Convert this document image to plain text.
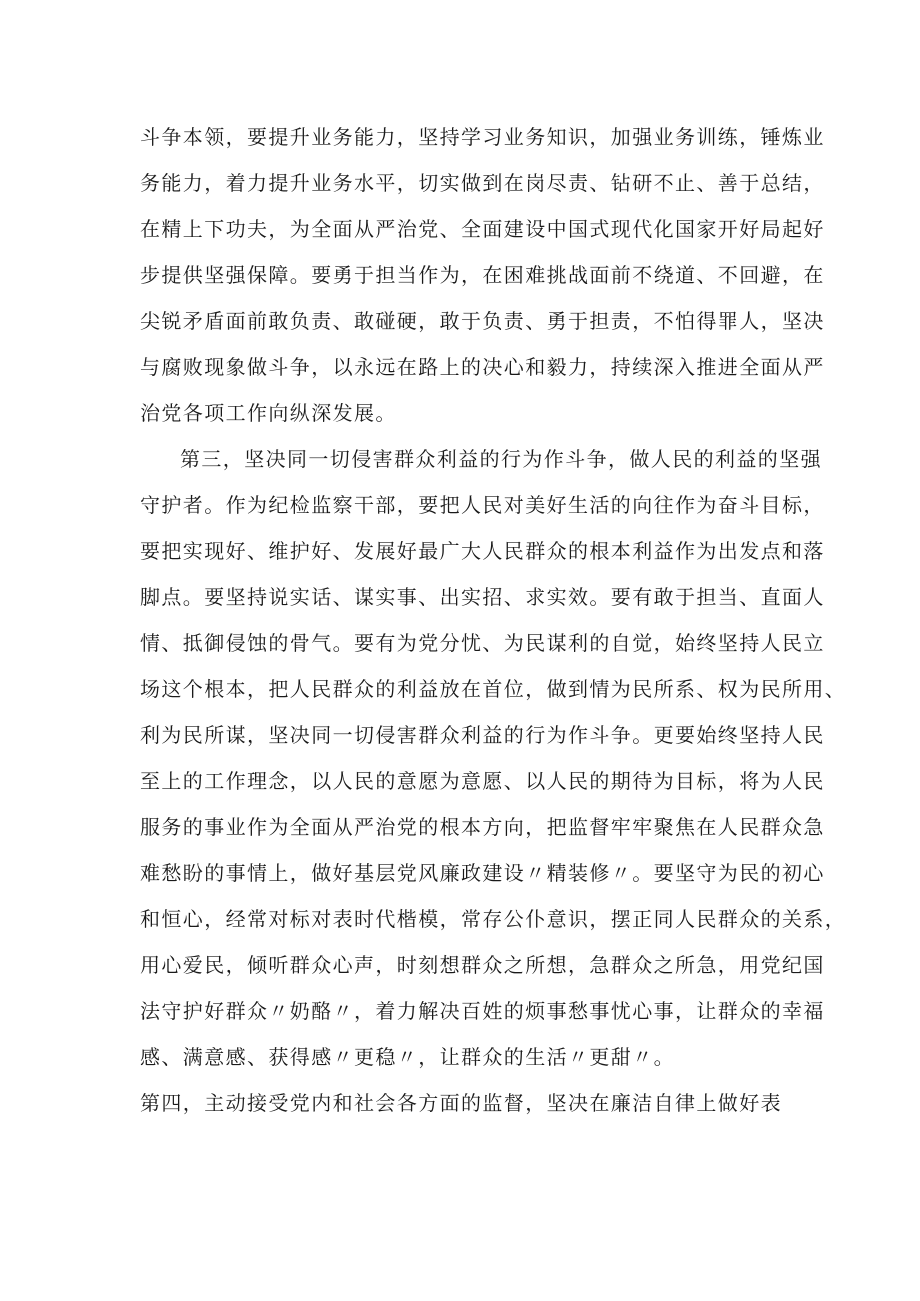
斗争本领，要提升业务能力，坚持学习业务知识，加强业务训练，锤炼业
务能力，着力提升业务水平，切实做到在岗尽责、钻研不止、善于总结，
在精上下功夫，为全面从严治党、全面建设中国式现代化国家开好局起好
步提供坚强保障。要勇于担当作为，在困难挑战面前不绕道、不回避，在
尖锐矛盾面前敢负责、敢碰硬，敢于负责、勇于担责，不怕得罪人，坚决
与腐败现象做斗争，以永远在路上的决心和毅力，持续深入推进全面从严
治党各项工作向纵深发展。
第三，坚决同一切侵害群众利益的行为作斗争，做人民的利益的坚强
守护者。作为纪检监察干部，要把人民对美好生活的向往作为奋斗目标，
要把实现好、维护好、发展好最广大人民群众的根本利益作为出发点和落
脚点。要坚持说实话、谋实事、出实招、求实效。要有敢于担当、直面人
情、抵御侵蚀的骨气。要有为党分忧、为民谋利的自觉，始终坚持人民立
场这个根本，把人民群众的利益放在首位，做到情为民所系、权为民所用、
利为民所谋，坚决同一切侵害群众利益的行为作斗争。更要始终坚持人民
至上的工作理念，以人民的意愿为意愿、以人民的期待为目标，将为人民
服务的事业作为全面从严治党的根本方向，把监督牢牢聚焦在人民群众急
难愁盼的事情上，做好基层党风廉政建设〃精装修〃。要坚守为民的初心
和恒心，经常对标对表时代楷模，常存公仆意识，摆正同人民群众的关系，
用心爱民，倾听群众心声，时刻想群众之所想，急群众之所急，用党纪国
法守护好群众〃奶酪〃，着力解决百姓的烦事愁事忧心事，让群众的幸福
感、满意感、获得感〃更稳〃，让群众的生活〃更甜〃。
第四，主动接受党内和社会各方面的监督，坚决在廉洁自律上做好表
